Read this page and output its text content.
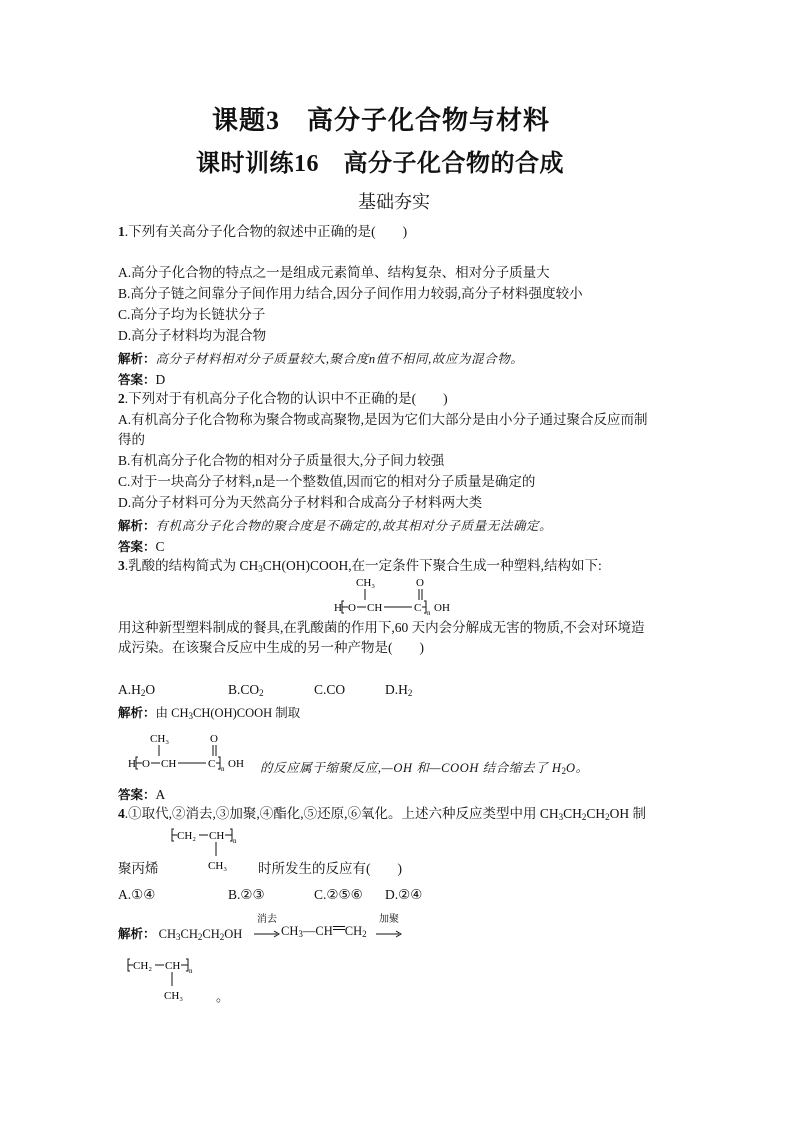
课题3　高分子化合物与材料
课时训练16　高分子化合物的合成
基础夯实
1.下列有关高分子化合物的叙述中正确的是(　　)
A.高分子化合物的特点之一是组成元素简单、结构复杂、相对分子质量大
B.高分子链之间靠分子间作用力结合,因分子间作用力较弱,高分子材料强度较小
C.高分子均为长链状分子
D.高分子材料均为混合物
解析：高分子材料相对分子质量较大,聚合度n值不相同,故应为混合物。
答案：D
2.下列对于有机高分子化合物的认识中不正确的是(　　)
A.有机高分子化合物称为聚合物或高聚物,是因为它们大部分是由小分子通过聚合反应而制
得的
B.有机高分子化合物的相对分子质量很大,分子间力较强
C.对于一块高分子材料,n是一个整数值,因而它的相对分子质量是确定的
D.高分子材料可分为天然高分子材料和合成高分子材料两大类
解析：有机高分子化合物的聚合度是不确定的,故其相对分子质量无法确定。
答案：C
3.乳酸的结构简式为 $CH_3CH(OH)COOH$,在一定条件下聚合生成一种塑料,结构如下:
CH₃	O
H O CH	C n OH
用这种新型塑料制成的餐具,在乳酸菌的作用下,60 天内会分解成无害的物质,不会对环境造
成污染。在该聚合反应中生成的另一种产物是(　　)
$A.H_2O$	$B.CO_2$	C.CO	$D.H_2$
解析：由 $CH_3CH(OH)COOH$ 制取
CH₃	O
H O CH	C n OH 的反应属于缩聚反应,—OH 和—COOH 结合缩去了 $H_2O$。
答案：A
4.①取代,②消去,③加聚,④酯化,⑤还原,⑥氧化。上述六种反应类型中用 $CH_3CH_2CH_2OH$ 制
CH₂ CH n
CH₃
聚丙烯	时所发生的反应有(　　)
A.①④	B.②③	C.②⑤⑥ D.②④
解析： $CH_3CH_2CH_2OH$
消去
$CH_3—CH$ $CH_2$
加聚
CH₂ CH n
CH₃	。
